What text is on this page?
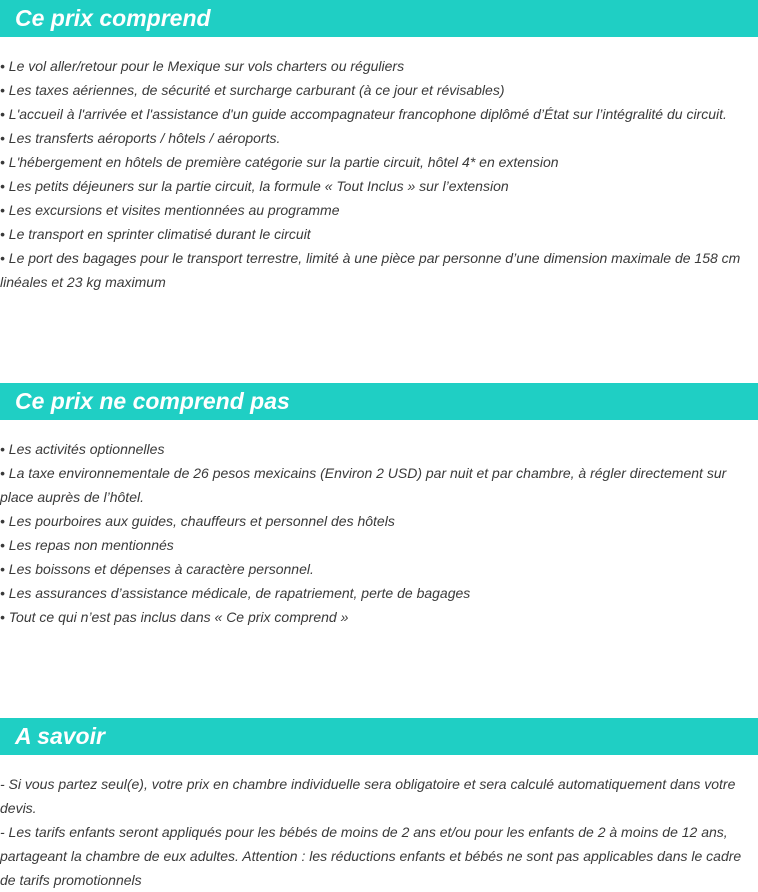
Ce prix comprend
• Le vol aller/retour pour le Mexique sur vols charters ou réguliers
• Les taxes aériennes, de sécurité et surcharge carburant (à ce jour et révisables)
• L'accueil à l'arrivée et l'assistance d'un guide accompagnateur francophone diplômé d’État sur l’intégralité du circuit.
• Les transferts aéroports / hôtels / aéroports.
• L'hébergement en hôtels de première catégorie sur la partie circuit, hôtel 4* en extension
• Les petits déjeuners sur la partie circuit, la formule « Tout Inclus » sur l’extension
• Les excursions et visites mentionnées au programme
• Le transport en sprinter climatisé durant le circuit
• Le port des bagages pour le transport terrestre, limité à une pièce par personne d’une dimension maximale de 158 cm linéales et 23 kg maximum
Ce prix ne comprend pas
• Les activités optionnelles
• La taxe environnementale de 26 pesos mexicains (Environ 2 USD) par nuit et par chambre, à régler directement sur place auprès de l’hôtel.
• Les pourboires aux guides, chauffeurs et personnel des hôtels
• Les repas non mentionnés
• Les boissons et dépenses à caractère personnel.
• Les assurances d’assistance médicale, de rapatriement, perte de bagages
• Tout ce qui n’est pas inclus dans « Ce prix comprend »
A savoir
- Si vous partez seul(e), votre prix en chambre individuelle sera obligatoire et sera calculé automatiquement dans votre devis.
- Les tarifs enfants seront appliqués pour les bébés de moins de 2 ans et/ou pour les enfants de 2 à moins de 12 ans, partageant la chambre de eux adultes. Attention : les réductions enfants et bébés ne sont pas applicables dans le cadre de tarifs promotionnels
